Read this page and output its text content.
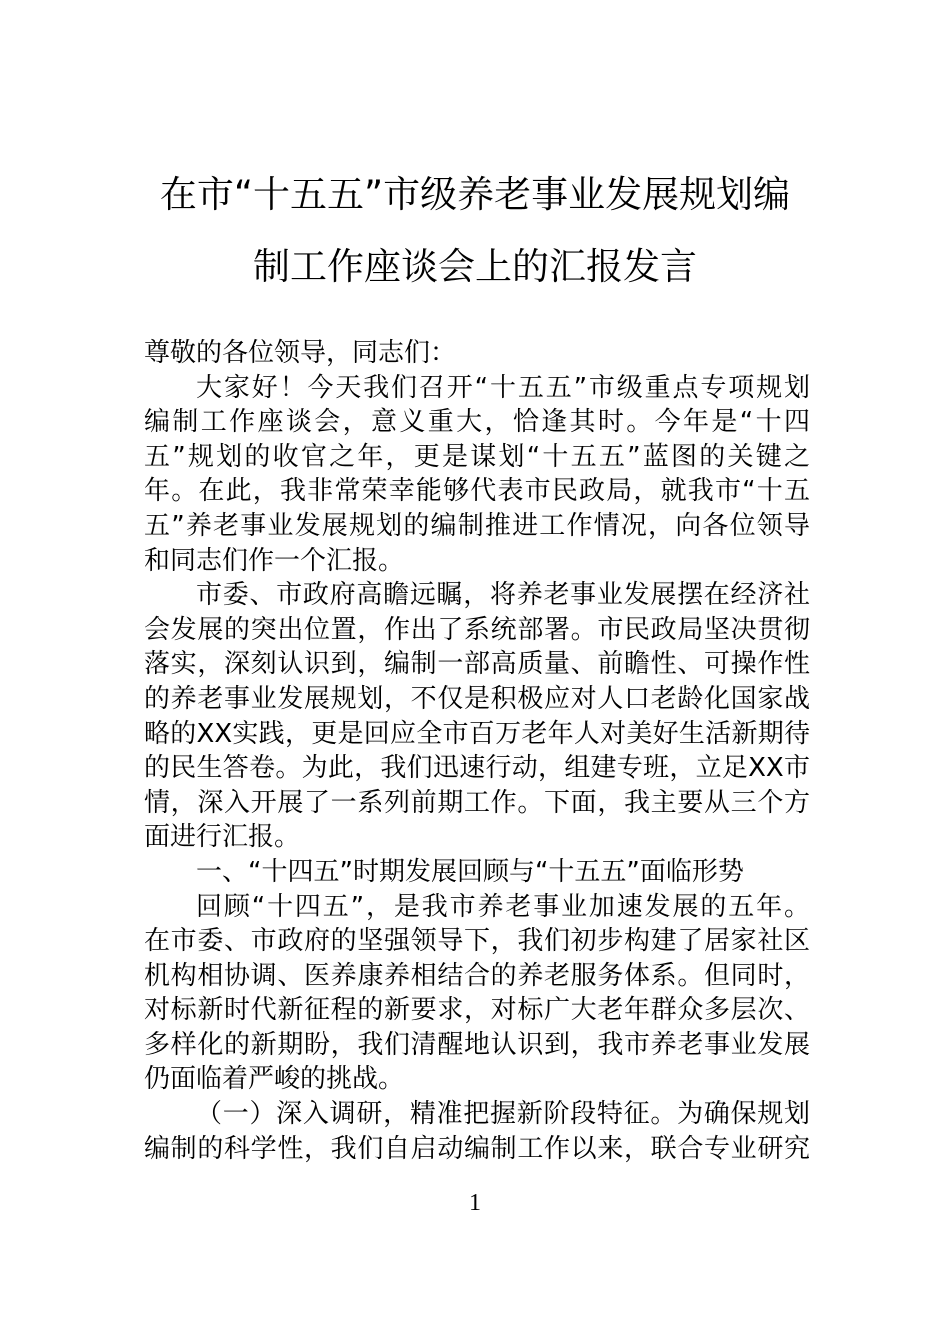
在市“十五五”市级养老事业发展规划编
制工作座谈会上的汇报发言
尊敬的各位领导，同志们：
大家好！今天我们召开“十五五”市级重点专项规划
编制工作座谈会，意义重大，恰逢其时。今年是“十四
五”规划的收官之年，更是谋划“十五五”蓝图的关键之
年。在此，我非常荣幸能够代表市民政局，就我市“十五
五”养老事业发展规划的编制推进工作情况，向各位领导
和同志们作一个汇报。
市委、市政府高瞻远瞩，将养老事业发展摆在经济社
会发展的突出位置，作出了系统部署。市民政局坚决贯彻
落实，深刻认识到，编制一部高质量、前瞻性、可操作性
的养老事业发展规划，不仅是积极应对人口老龄化国家战
略的XX实践，更是回应全市百万老年人对美好生活新期待
的民生答卷。为此，我们迅速行动，组建专班，立足XX市
情，深入开展了一系列前期工作。下面，我主要从三个方
面进行汇报。
一、“十四五”时期发展回顾与“十五五”面临形势
回顾“十四五”，是我市养老事业加速发展的五年。
在市委、市政府的坚强领导下，我们初步构建了居家社区
机构相协调、医养康养相结合的养老服务体系。但同时，
对标新时代新征程的新要求，对标广大老年群众多层次、
多样化的新期盼，我们清醒地认识到，我市养老事业发展
仍面临着严峻的挑战。
（一）深入调研，精准把握新阶段特征。为确保规划
编制的科学性，我们自启动编制工作以来，联合专业研究
1
